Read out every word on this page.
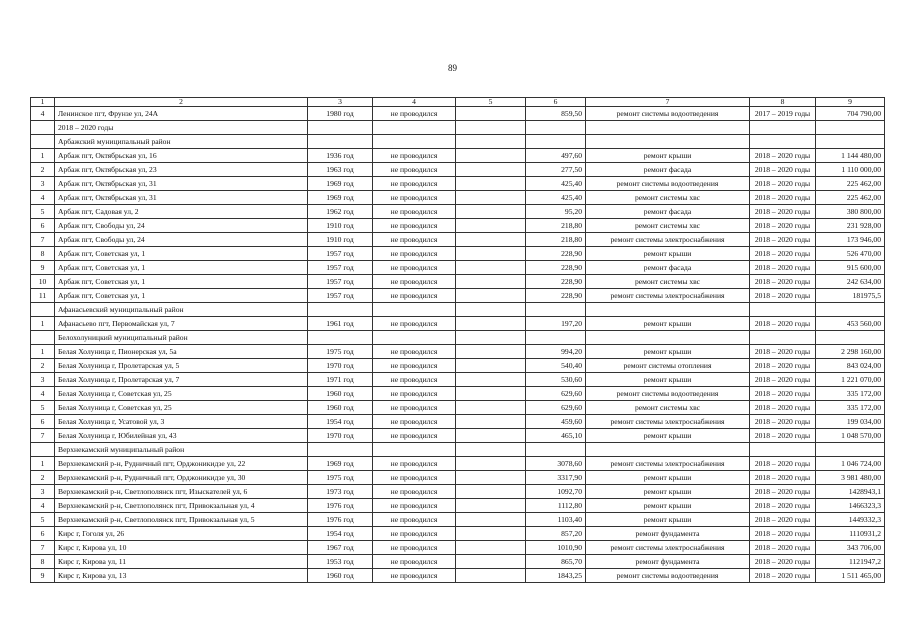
89
1	2	3	4	5	6	7	8	9
4	Ленинское пгт, Фрунзе ул, 24А	1980 год	не проводился		859,50	ремонт системы водоотведения	2017 – 2019 годы	704 790,00
	2018 – 2020 годы							
	Арбажский муниципальный район							
1	Арбаж пгт, Октябрьская ул, 16	1936 год	не проводился		497,60	ремонт крыши	2018 – 2020 годы	1 144 480,00
2	Арбаж пгт, Октябрьская ул, 23	1963 год	не проводился		277,50	ремонт фасада	2018 – 2020 годы	1 110 000,00
3	Арбаж пгт, Октябрьская ул, 31	1969 год	не проводился		425,40	ремонт системы водоотведения	2018 – 2020 годы	225 462,00
4	Арбаж пгт, Октябрьская ул, 31	1969 год	не проводился		425,40	ремонт системы хвс	2018 – 2020 годы	225 462,00
5	Арбаж пгт, Садовая ул, 2	1962 год	не проводился		95,20	ремонт фасада	2018 – 2020 годы	380 800,00
6	Арбаж пгт, Свободы ул, 24	1910 год	не проводился		218,80	ремонт системы хвс	2018 – 2020 годы	231 928,00
7	Арбаж пгт, Свободы ул, 24	1910 год	не проводился		218,80	ремонт системы электроснабжения	2018 – 2020 годы	173 946,00
8	Арбаж пгт, Советская ул, 1	1957 год	не проводился		228,90	ремонт крыши	2018 – 2020 годы	526 470,00
9	Арбаж пгт, Советская ул, 1	1957 год	не проводился		228,90	ремонт фасада	2018 – 2020 годы	915 600,00
10	Арбаж пгт, Советская ул, 1	1957 год	не проводился		228,90	ремонт системы хвс	2018 – 2020 годы	242 634,00
11	Арбаж пгт, Советская ул, 1	1957 год	не проводился		228,90	ремонт системы электроснабжения	2018 – 2020 годы	181975,5
	Афанасьевский муниципальный район							
1	Афанасьево пгт, Первомайская ул, 7	1961 год	не проводился		197,20	ремонт крыши	2018 – 2020 годы	453 560,00
	Белохолуницкий муниципальный район							
1	Белая Холуница г, Пионерская ул, 5а	1975 год	не проводился		994,20	ремонт крыши	2018 – 2020 годы	2 298 160,00
2	Белая Холуница г, Пролетарская ул, 5	1970 год	не проводился		540,40	ремонт системы отопления	2018 – 2020 годы	843 024,00
3	Белая Холуница г, Пролетарская ул, 7	1971 год	не проводился		530,60	ремонт крыши	2018 – 2020 годы	1 221 070,00
4	Белая Холуница г, Советская ул, 25	1960 год	не проводился		629,60	ремонт системы водоотведения	2018 – 2020 годы	335 172,00
5	Белая Холуница г, Советская ул, 25	1960 год	не проводился		629,60	ремонт системы хвс	2018 – 2020 годы	335 172,00
6	Белая Холуница г, Усатовой ул, 3	1954 год	не проводился		459,60	ремонт системы электроснабжения	2018 – 2020 годы	199 034,00
7	Белая Холуница г, Юбилейная ул, 43	1970 год	не проводился		465,10	ремонт крыши	2018 – 2020 годы	1 048 570,00
	Верхнекамский муниципальный район							
1	Верхнекамский р-н, Рудничный пгт, Орджоникидзе ул, 22	1969 год	не проводился		3078,60	ремонт системы электроснабжения	2018 – 2020 годы	1 046 724,00
2	Верхнекамский р-н, Рудничный пгт, Орджоникидзе ул, 30	1975 год	не проводился		3317,90	ремонт крыши	2018 – 2020 годы	3 981 480,00
3	Верхнекамский р-н, Светлополянск пгт, Изыскателей ул, 6	1973 год	не проводился		1092,70	ремонт крыши	2018 – 2020 годы	1428943,1
4	Верхнекамский р-н, Светлополянск пгт, Привокзальная ул, 4	1976 год	не проводился		1112,80	ремонт крыши	2018 – 2020 годы	1466323,3
5	Верхнекамский р-н, Светлополянск пгт, Привокзальная ул, 5	1976 год	не проводился		1103,40	ремонт крыши	2018 – 2020 годы	1449332,3
6	Кирс г, Гоголя ул, 26	1954 год	не проводился		857,20	ремонт фундамента	2018 – 2020 годы	1110931,2
7	Кирс г, Кирова ул, 10	1967 год	не проводился		1010,90	ремонт системы электроснабжения	2018 – 2020 годы	343 706,00
8	Кирс г, Кирова ул, 11	1953 год	не проводился		865,70	ремонт фундамента	2018 – 2020 годы	1121947,2
9	Кирс г, Кирова ул, 13	1960 год	не проводился		1843,25	ремонт системы водоотведения	2018 – 2020 годы	1 511 465,00
